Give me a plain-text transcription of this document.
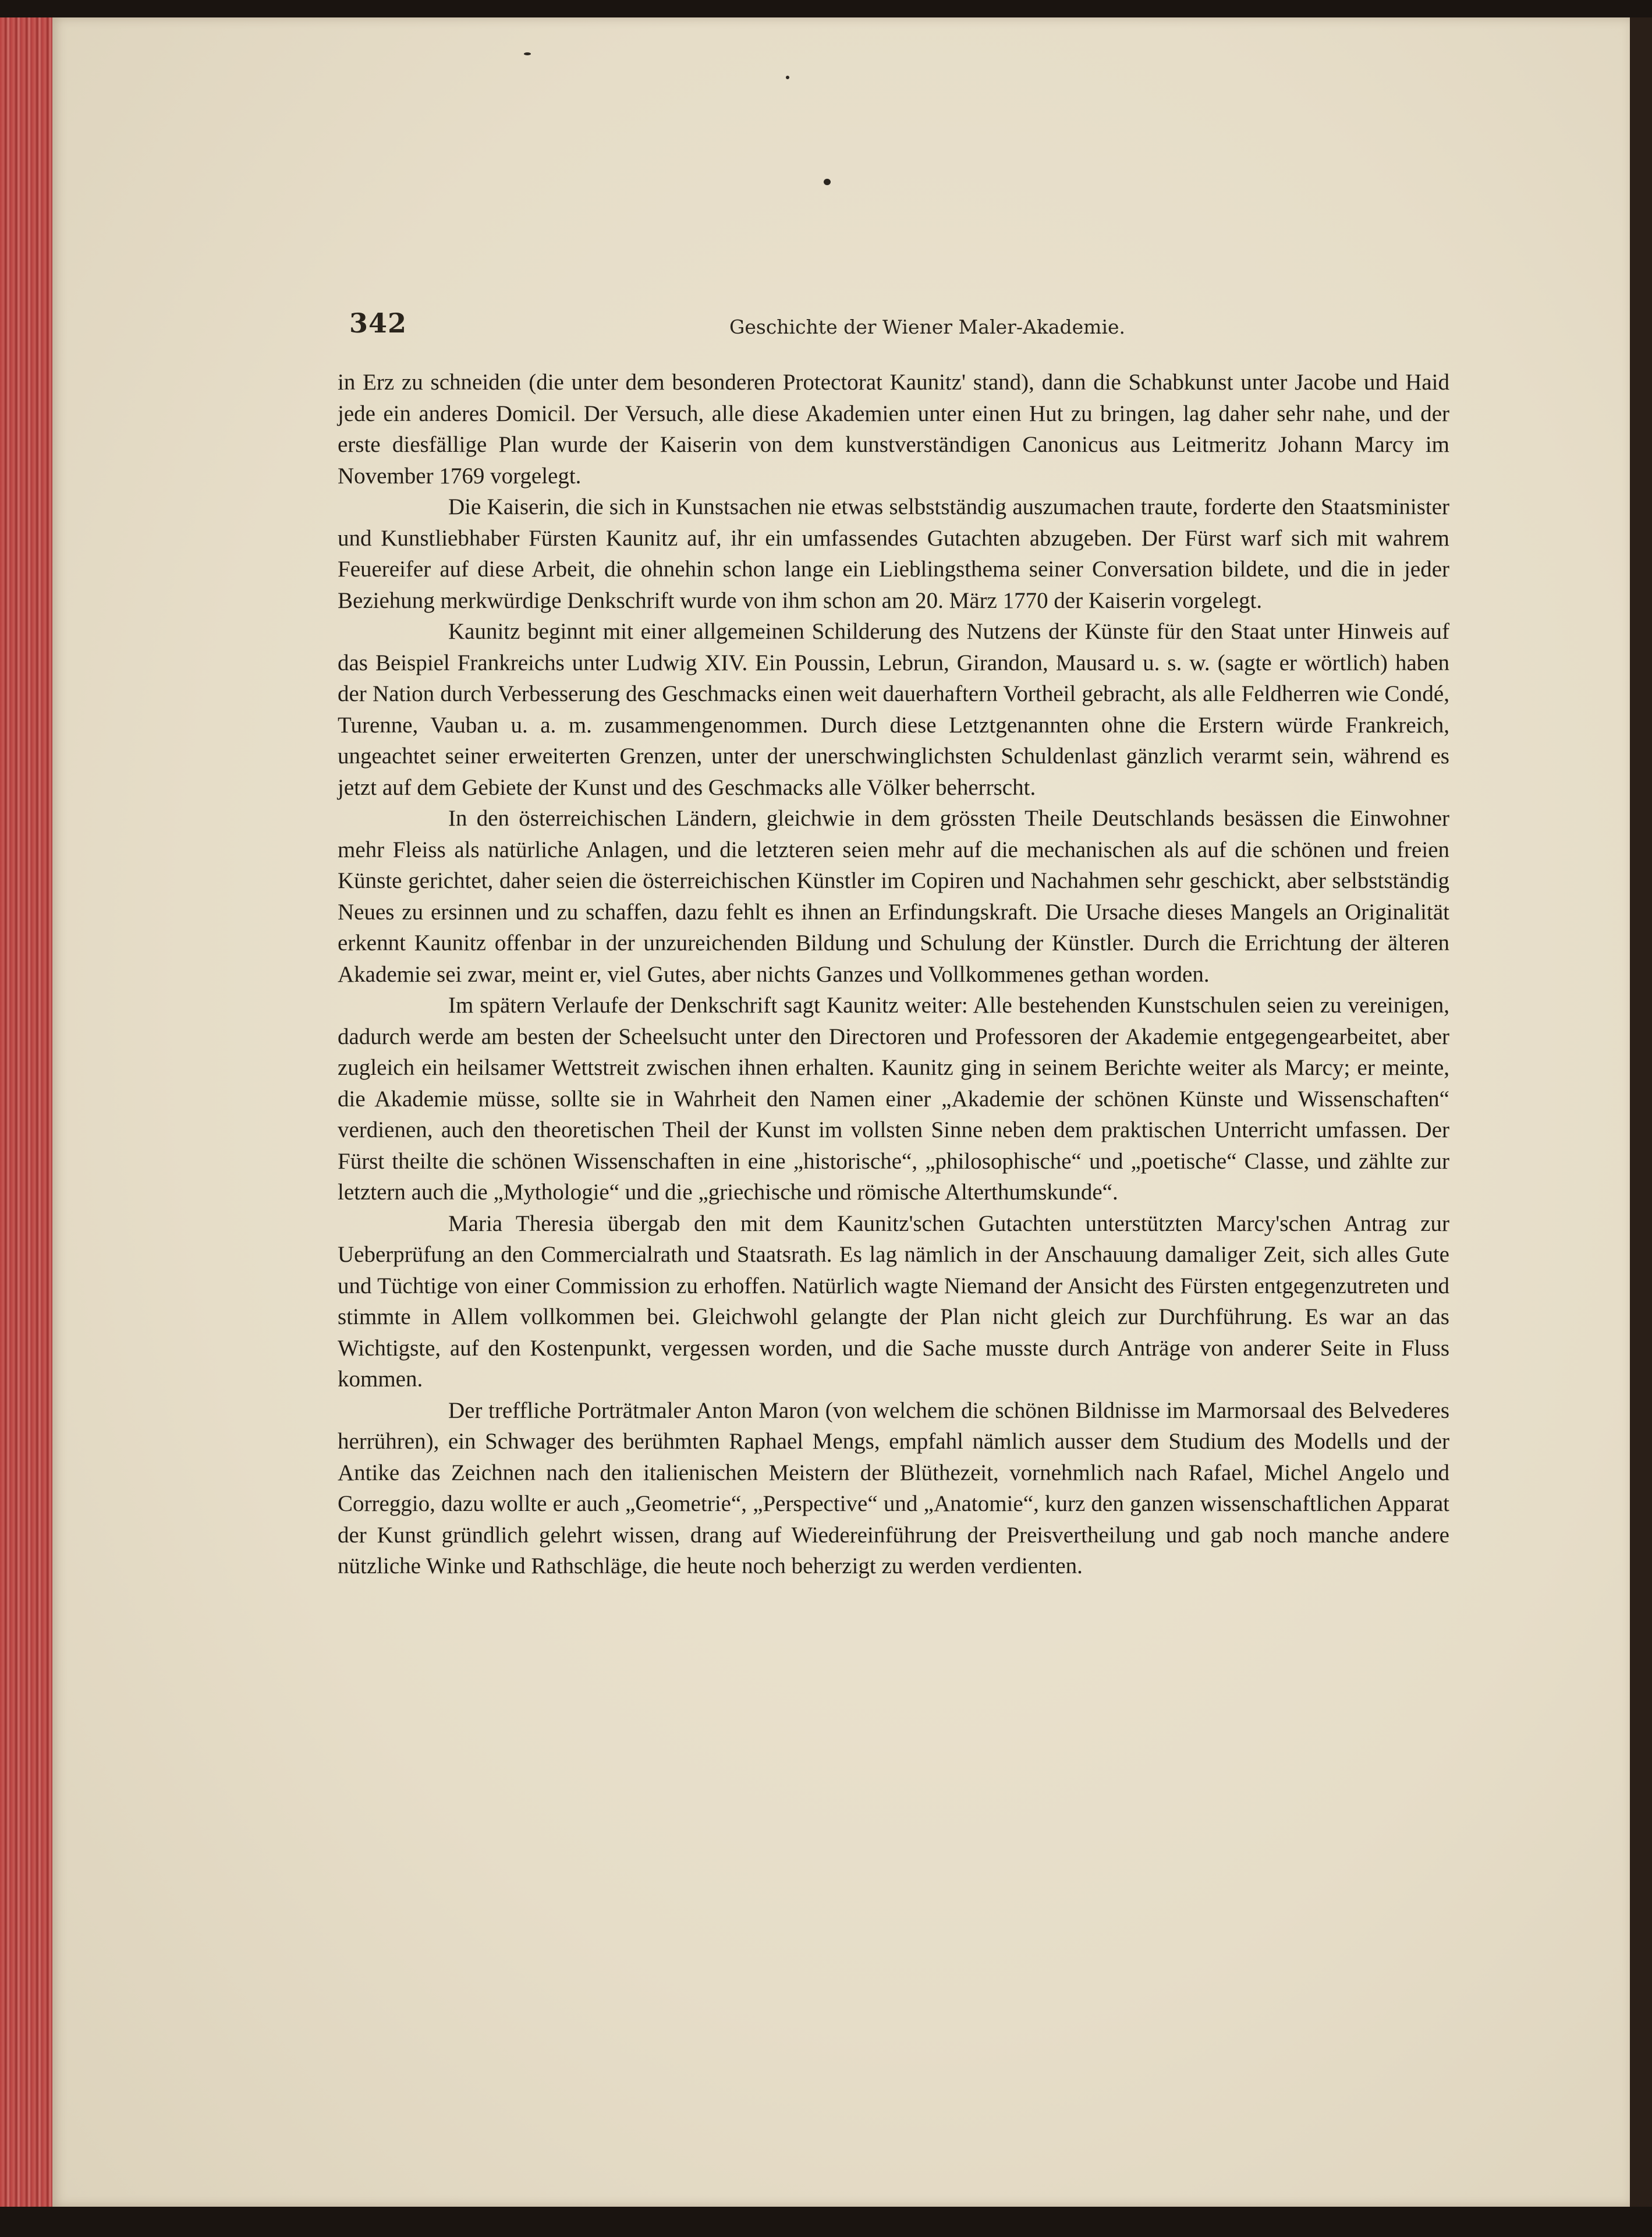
342	Geschichte der Wiener Maler-Akademie.

in Erz zu schneiden (die unter dem besonderen Protectorat Kaunitz' stand), dann die Schabkunst unter Jacobe und Haid jede ein anderes Domicil. Der Versuch, alle diese Akademien unter einen Hut zu bringen, lag daher sehr nahe, und der erste diesfällige Plan wurde der Kaiserin von dem kunstverständigen Canonicus aus Leitmeritz Johann Marcy im November 1769 vorgelegt.

Die Kaiserin, die sich in Kunstsachen nie etwas selbstständig auszumachen traute, forderte den Staatsminister und Kunstliebhaber Fürsten Kaunitz auf, ihr ein umfassendes Gutachten abzugeben. Der Fürst warf sich mit wahrem Feuereifer auf diese Arbeit, die ohnehin schon lange ein Lieblingsthema seiner Conversation bildete, und die in jeder Beziehung merkwürdige Denkschrift wurde von ihm schon am 20. März 1770 der Kaiserin vorgelegt.

Kaunitz beginnt mit einer allgemeinen Schilderung des Nutzens der Künste für den Staat unter Hinweis auf das Beispiel Frankreichs unter Ludwig XIV. Ein Poussin, Lebrun, Girandon, Mausard u. s. w. (sagte er wörtlich) haben der Nation durch Verbesserung des Geschmacks einen weit dauerhaftern Vortheil gebracht, als alle Feldherren wie Condé, Turenne, Vauban u. a. m. zusammengenommen. Durch diese Letztgenannten ohne die Erstern würde Frankreich, ungeachtet seiner erweiterten Grenzen, unter der unerschwinglichsten Schuldenlast gänzlich verarmt sein, während es jetzt auf dem Gebiete der Kunst und des Geschmacks alle Völker beherrscht.

In den österreichischen Ländern, gleichwie in dem grössten Theile Deutschlands besässen die Einwohner mehr Fleiss als natürliche Anlagen, und die letzteren seien mehr auf die mechanischen als auf die schönen und freien Künste gerichtet, daher seien die österreichischen Künstler im Copiren und Nachahmen sehr geschickt, aber selbstständig Neues zu ersinnen und zu schaffen, dazu fehlt es ihnen an Erfindungskraft. Die Ursache dieses Mangels an Originalität erkennt Kaunitz offenbar in der unzureichenden Bildung und Schulung der Künstler. Durch die Errichtung der älteren Akademie sei zwar, meint er, viel Gutes, aber nichts Ganzes und Vollkommenes gethan worden.

Im spätern Verlaufe der Denkschrift sagt Kaunitz weiter: Alle bestehenden Kunstschulen seien zu vereinigen, dadurch werde am besten der Scheelsucht unter den Directoren und Professoren der Akademie entgegengearbeitet, aber zugleich ein heilsamer Wettstreit zwischen ihnen erhalten. Kaunitz ging in seinem Berichte weiter als Marcy; er meinte, die Akademie müsse, sollte sie in Wahrheit den Namen einer „Akademie der schönen Künste und Wissenschaften“ verdienen, auch den theoretischen Theil der Kunst im vollsten Sinne neben dem praktischen Unterricht umfassen. Der Fürst theilte die schönen Wissenschaften in eine „historische“, „philosophische“ und „poetische“ Classe, und zählte zur letztern auch die „Mythologie“ und die „griechische und römische Alterthumskunde“.

Maria Theresia übergab den mit dem Kaunitz'schen Gutachten unterstützten Marcy'schen Antrag zur Ueberprüfung an den Commercialrath und Staatsrath. Es lag nämlich in der Anschauung damaliger Zeit, sich alles Gute und Tüchtige von einer Commission zu erhoffen. Natürlich wagte Niemand der Ansicht des Fürsten entgegenzutreten und stimmte in Allem vollkommen bei. Gleichwohl gelangte der Plan nicht gleich zur Durchführung. Es war an das Wichtigste, auf den Kostenpunkt, vergessen worden, und die Sache musste durch Anträge von anderer Seite in Fluss kommen.

Der treffliche Porträtmaler Anton Maron (von welchem die schönen Bildnisse im Marmorsaal des Belvederes herrühren), ein Schwager des berühmten Raphael Mengs, empfahl nämlich ausser dem Studium des Modells und der Antike das Zeichnen nach den italienischen Meistern der Blüthezeit, vornehmlich nach Rafael, Michel Angelo und Correggio, dazu wollte er auch „Geometrie“, „Perspective“ und „Anatomie“, kurz den ganzen wissenschaftlichen Apparat der Kunst gründlich gelehrt wissen, drang auf Wiedereinführung der Preisvertheilung und gab noch manche andere nützliche Winke und Rathschläge, die heute noch beherzigt zu werden verdienten.
